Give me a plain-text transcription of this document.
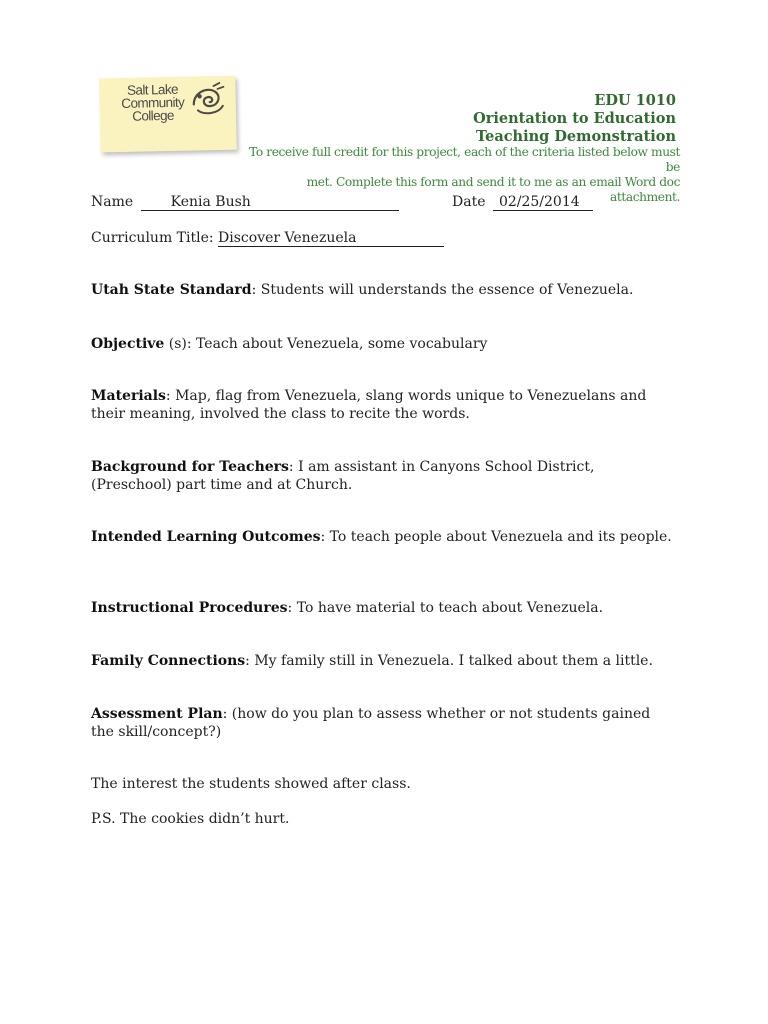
Salt Lake
Community
College
EDU 1010
Orientation to Education
Teaching Demonstration
To receive full credit for this project, each of the criteria listed below must be
met. Complete this form and send it to me as an email Word doc attachment.
Name	Kenia Bush	Date 02/25/2014
Curriculum Title: Discover Venezuela
Utah State Standard: Students will understands the essence of Venezuela.
Objective (s): Teach about Venezuela, some vocabulary
Materials: Map, flag from Venezuela, slang words unique to Venezuelans and their meaning, involved the class to recite the words.
Background for Teachers: I am assistant in Canyons School District, (Preschool) part time and at Church.
Intended Learning Outcomes: To teach people about Venezuela and its people.
Instructional Procedures: To have material to teach about Venezuela.
Family Connections: My family still in Venezuela. I talked about them a little.
Assessment Plan: (how do you plan to assess whether or not students gained the skill/concept?)
The interest the students showed after class.
P.S. The cookies didn’t hurt.
